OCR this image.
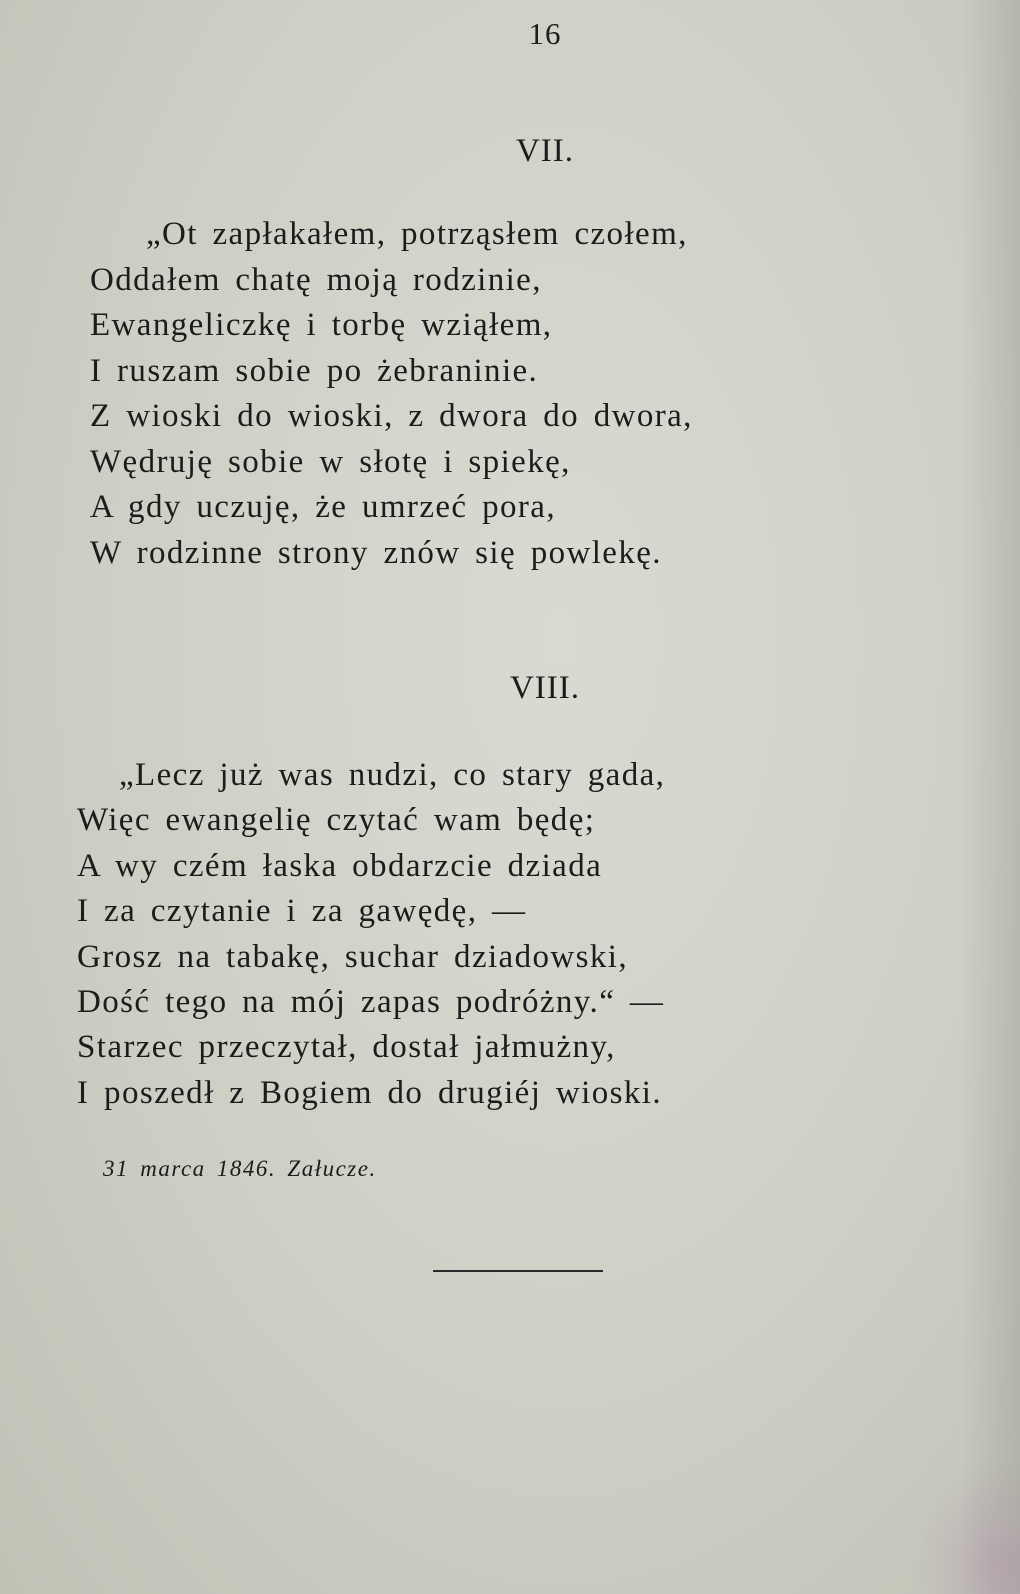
16
VII.
„Ot zapłakałem, potrząsłem czołem,
Oddałem chatę moją rodzinie,
Ewangeliczkę i torbę wziąłem,
I ruszam sobie po żebraninie.
Z wioski do wioski, z dwora do dwora,
Wędruję sobie w słotę i spiekę,
A gdy uczuję, że umrzeć pora,
W rodzinne strony znów się powlekę.
VIII.
„Lecz już was nudzi, co stary gada,
Więc ewangelię czytać wam będę;
A wy czém łaska obdarzcie dziada
I za czytanie i za gawędę, —
Grosz na tabakę, suchar dziadowski,
Dość tego na mój zapas podróżny.“ —
Starzec przeczytał, dostał jałmużny,
I poszedł z Bogiem do drugiéj wioski.
31 marca 1846. Załucze.
